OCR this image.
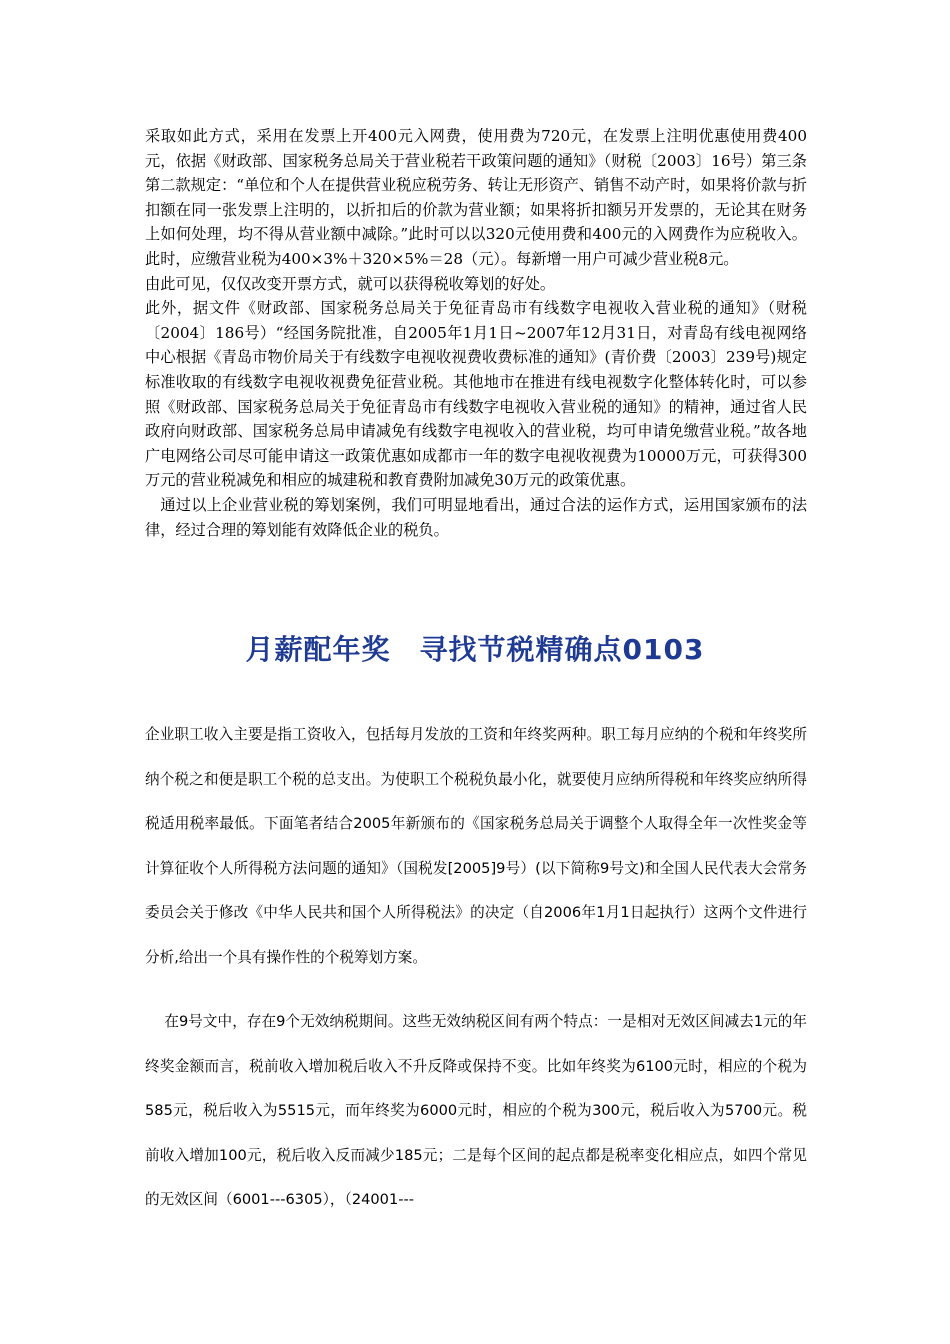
采取如此方式，采用在发票上开400元入网费，使用费为720元，在发票上注明优惠使用费400元，依据《财政部、国家税务总局关于营业税若干政策问题的通知》（财税〔2003〕16号）第三条第二款规定：“单位和个人在提供营业税应税劳务、转让无形资产、销售不动产时，如果将价款与折扣额在同一张发票上注明的，以折扣后的价款为营业额；如果将折扣额另开发票的，无论其在财务上如何处理，均不得从营业额中减除。”此时可以以320元使用费和400元的入网费作为应税收入。此时，应缴营业税为400×3%＋320×5%＝28（元）。每新增一用户可减少营业税8元。

由此可见，仅仅改变开票方式，就可以获得税收筹划的好处。

此外，据文件《财政部、国家税务总局关于免征青岛市有线数字电视收入营业税的通知》（财税〔2004〕186号）“经国务院批准，自2005年1月1日~2007年12月31日，对青岛有线电视网络中心根据《青岛市物价局关于有线数字电视收视费收费标准的通知》(青价费〔2003〕239号)规定标准收取的有线数字电视收视费免征营业税。其他地市在推进有线电视数字化整体转化时，可以参照《财政部、国家税务总局关于免征青岛市有线数字电视收入营业税的通知》的精神，通过省人民政府向财政部、国家税务总局申请减免有线数字电视收入的营业税，均可申请免缴营业税。”故各地广电网络公司尽可能申请这一政策优惠如成都市一年的数字电视收视费为10000万元，可获得300万元的营业税减免和相应的城建税和教育费附加减免30万元的政策优惠。

　通过以上企业营业税的筹划案例，我们可明显地看出，通过合法的运作方式，运用国家颁布的法律，经过合理的筹划能有效降低企业的税负。

月薪配年奖　寻找节税精确点0103

企业职工收入主要是指工资收入，包括每月发放的工资和年终奖两种。职工每月应纳的个税和年终奖所纳个税之和便是职工个税的总支出。为使职工个税税负最小化，就要使月应纳所得税和年终奖应纳所得税适用税率最低。下面笔者结合2005年新颁布的《国家税务总局关于调整个人取得全年一次性奖金等计算征收个人所得税方法问题的通知》（国税发[2005]9号）(以下简称9号文)和全国人民代表大会常务委员会关于修改《中华人民共和国个人所得税法》的决定（自2006年1月1日起执行）这两个文件进行分析,给出一个具有操作性的个税筹划方案。

　 在9号文中，存在9个无效纳税期间。这些无效纳税区间有两个特点：一是相对无效区间减去1元的年终奖金额而言，税前收入增加税后收入不升反降或保持不变。比如年终奖为6100元时，相应的个税为585元，税后收入为5515元，而年终奖为6000元时，相应的个税为300元，税后收入为5700元。税前收入增加100元，税后收入反而减少185元；二是每个区间的起点都是税率变化相应点，如四个常见的无效区间（6001---6305），（24001---
